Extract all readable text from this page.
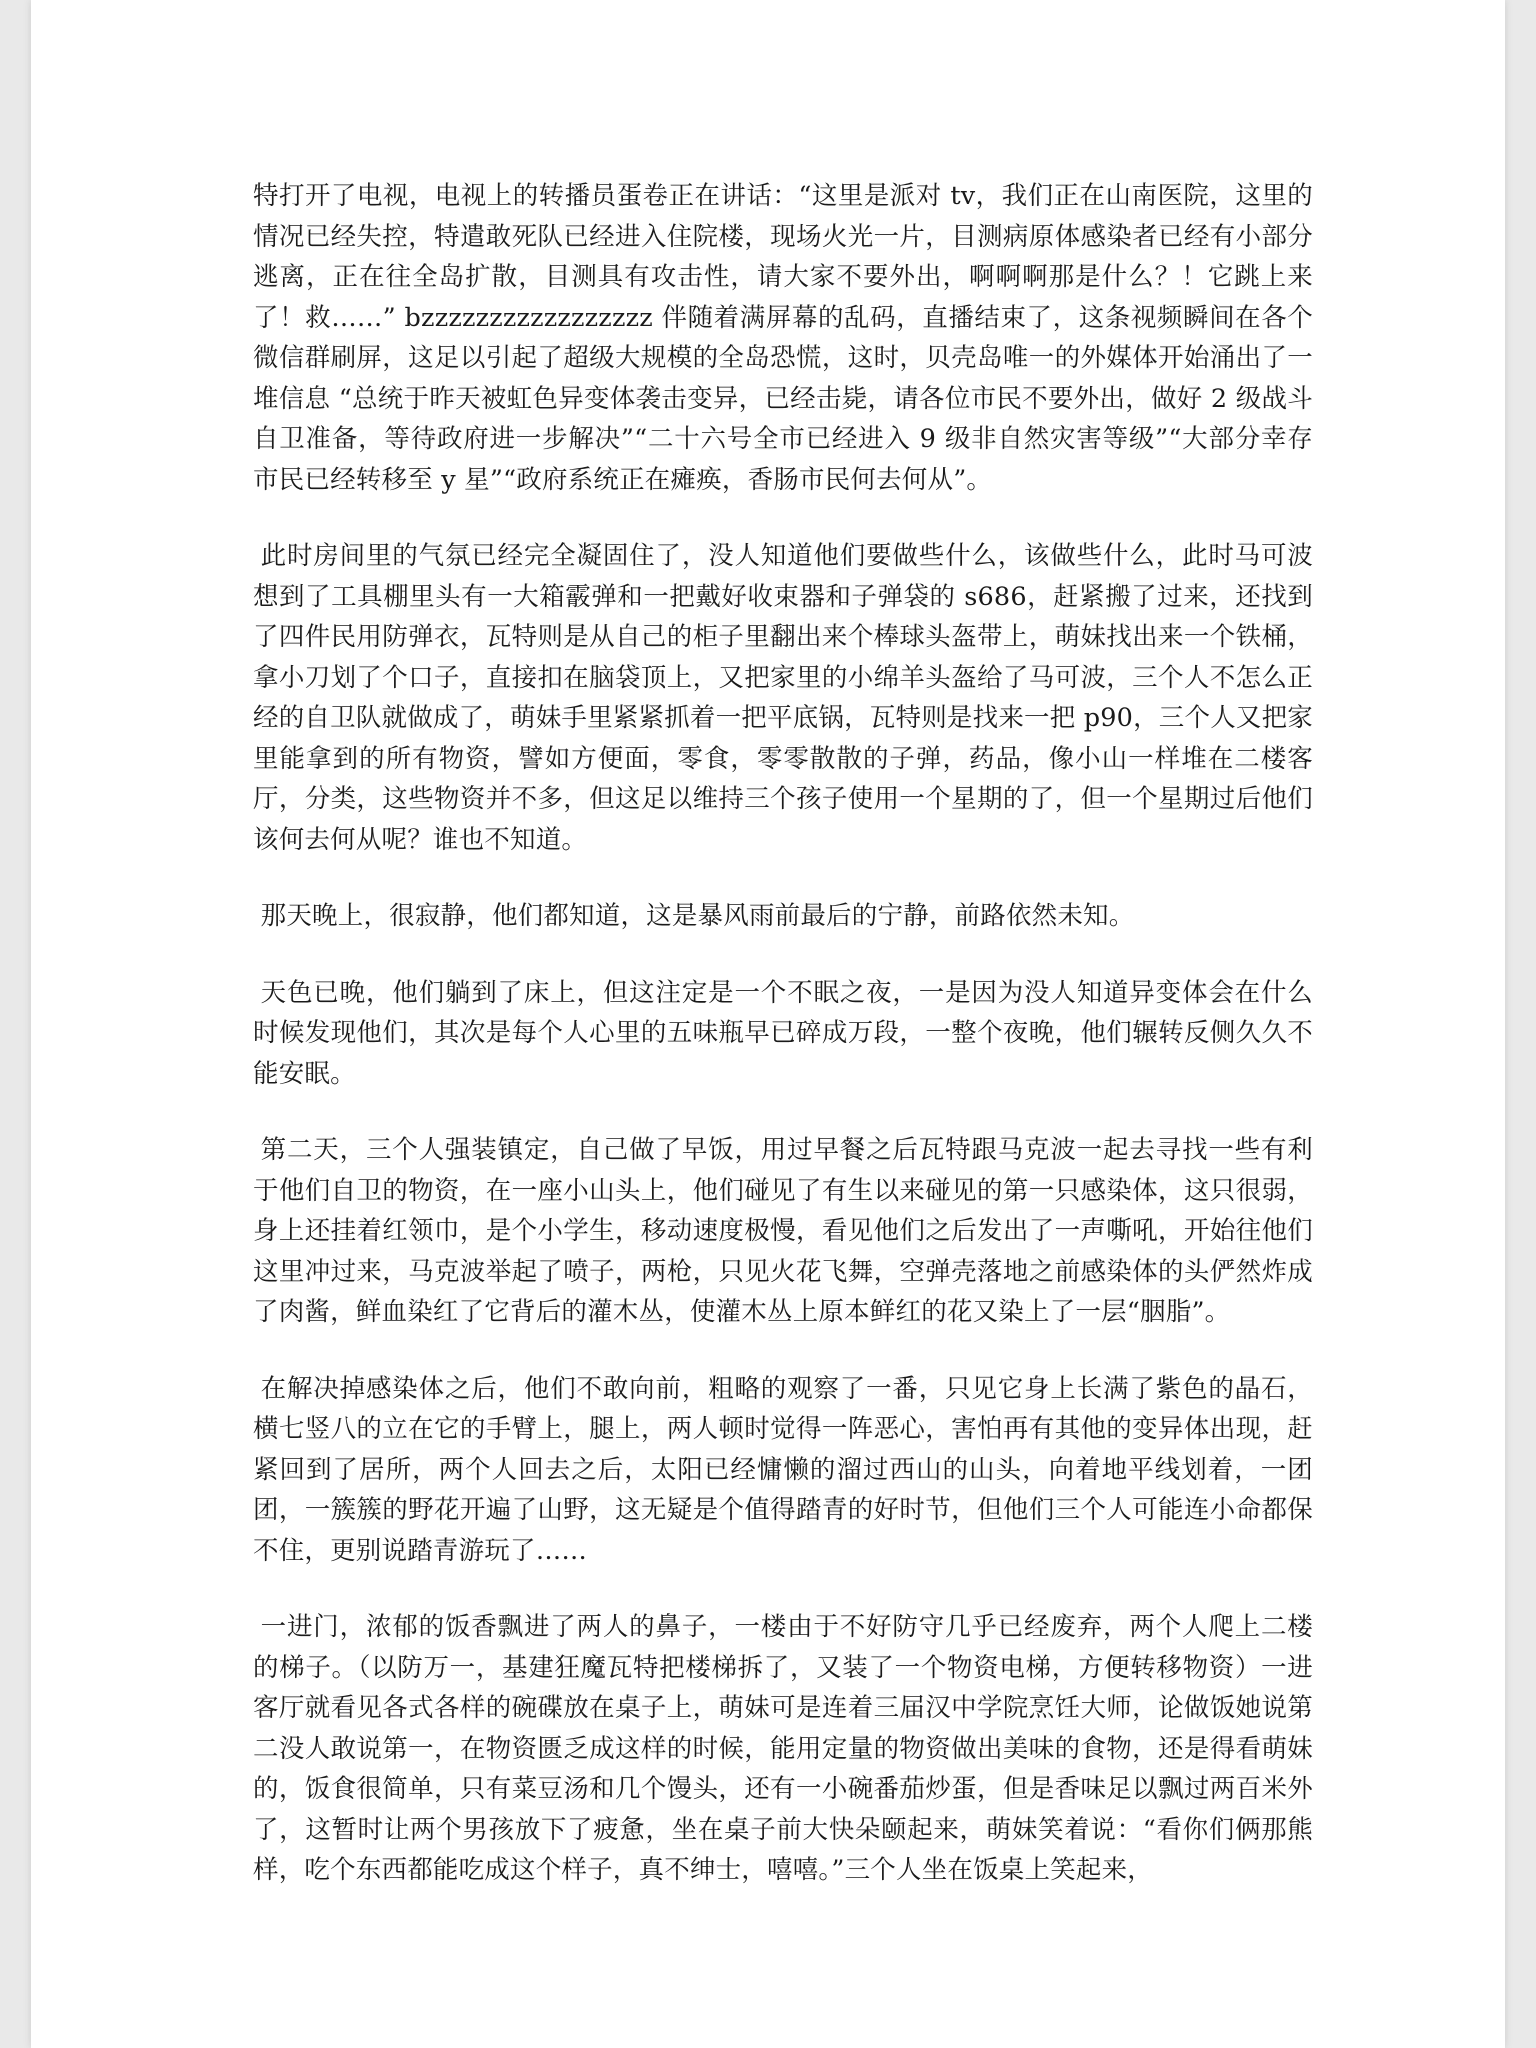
特打开了电视，电视上的转播员蛋卷正在讲话：“这里是派对 tv，我们正在山南医院，这里的情况已经失控，特遣敢死队已经进入住院楼，现场火光一片，目测病原体感染者已经有小部分逃离，正在往全岛扩散，目测具有攻击性，请大家不要外出，啊啊啊那是什么？！它跳上来了！救……” bzzzzzzzzzzzzzzzzz 伴随着满屏幕的乱码，直播结束了，这条视频瞬间在各个微信群刷屏，这足以引起了超级大规模的全岛恐慌，这时，贝壳岛唯一的外媒体开始涌出了一堆信息 “总统于昨天被虹色异变体袭击变异，已经击毙，请各位市民不要外出，做好 2 级战斗自卫准备，等待政府进一步解决”“二十六号全市已经进入 9 级非自然灾害等级”“大部分幸存市民已经转移至 y 星”“政府系统正在瘫痪，香肠市民何去何从”。

此时房间里的气氛已经完全凝固住了，没人知道他们要做些什么，该做些什么，此时马可波想到了工具棚里头有一大箱霰弹和一把戴好收束器和子弹袋的 s686，赶紧搬了过来，还找到了四件民用防弹衣，瓦特则是从自己的柜子里翻出来个棒球头盔带上，萌妹找出来一个铁桶，拿小刀划了个口子，直接扣在脑袋顶上，又把家里的小绵羊头盔给了马可波，三个人不怎么正经的自卫队就做成了，萌妹手里紧紧抓着一把平底锅，瓦特则是找来一把 p90，三个人又把家里能拿到的所有物资，譬如方便面，零食，零零散散的子弹，药品，像小山一样堆在二楼客厅，分类，这些物资并不多，但这足以维持三个孩子使用一个星期的了，但一个星期过后他们该何去何从呢？谁也不知道。

那天晚上，很寂静，他们都知道，这是暴风雨前最后的宁静，前路依然未知。

天色已晚，他们躺到了床上，但这注定是一个不眠之夜，一是因为没人知道异变体会在什么时候发现他们，其次是每个人心里的五味瓶早已碎成万段，一整个夜晚，他们辗转反侧久久不能安眠。

第二天，三个人强装镇定，自己做了早饭，用过早餐之后瓦特跟马克波一起去寻找一些有利于他们自卫的物资，在一座小山头上，他们碰见了有生以来碰见的第一只感染体，这只很弱，身上还挂着红领巾，是个小学生，移动速度极慢，看见他们之后发出了一声嘶吼，开始往他们这里冲过来，马克波举起了喷子，两枪，只见火花飞舞，空弹壳落地之前感染体的头俨然炸成了肉酱，鲜血染红了它背后的灌木丛，使灌木丛上原本鲜红的花又染上了一层“胭脂”。

在解决掉感染体之后，他们不敢向前，粗略的观察了一番，只见它身上长满了紫色的晶石，横七竖八的立在它的手臂上，腿上，两人顿时觉得一阵恶心，害怕再有其他的变异体出现，赶紧回到了居所，两个人回去之后，太阳已经慵懒的溜过西山的山头，向着地平线划着，一团团，一簇簇的野花开遍了山野，这无疑是个值得踏青的好时节，但他们三个人可能连小命都保不住，更别说踏青游玩了……

一进门，浓郁的饭香飘进了两人的鼻子，一楼由于不好防守几乎已经废弃，两个人爬上二楼的梯子。（以防万一，基建狂魔瓦特把楼梯拆了，又装了一个物资电梯，方便转移物资）一进客厅就看见各式各样的碗碟放在桌子上，萌妹可是连着三届汉中学院烹饪大师，论做饭她说第二没人敢说第一，在物资匮乏成这样的时候，能用定量的物资做出美味的食物，还是得看萌妹的，饭食很简单，只有菜豆汤和几个馒头，还有一小碗番茄炒蛋，但是香味足以飘过两百米外了，这暂时让两个男孩放下了疲惫，坐在桌子前大快朵颐起来，萌妹笑着说：“看你们俩那熊样，吃个东西都能吃成这个样子，真不绅士，嘻嘻。”三个人坐在饭桌上笑起来，
